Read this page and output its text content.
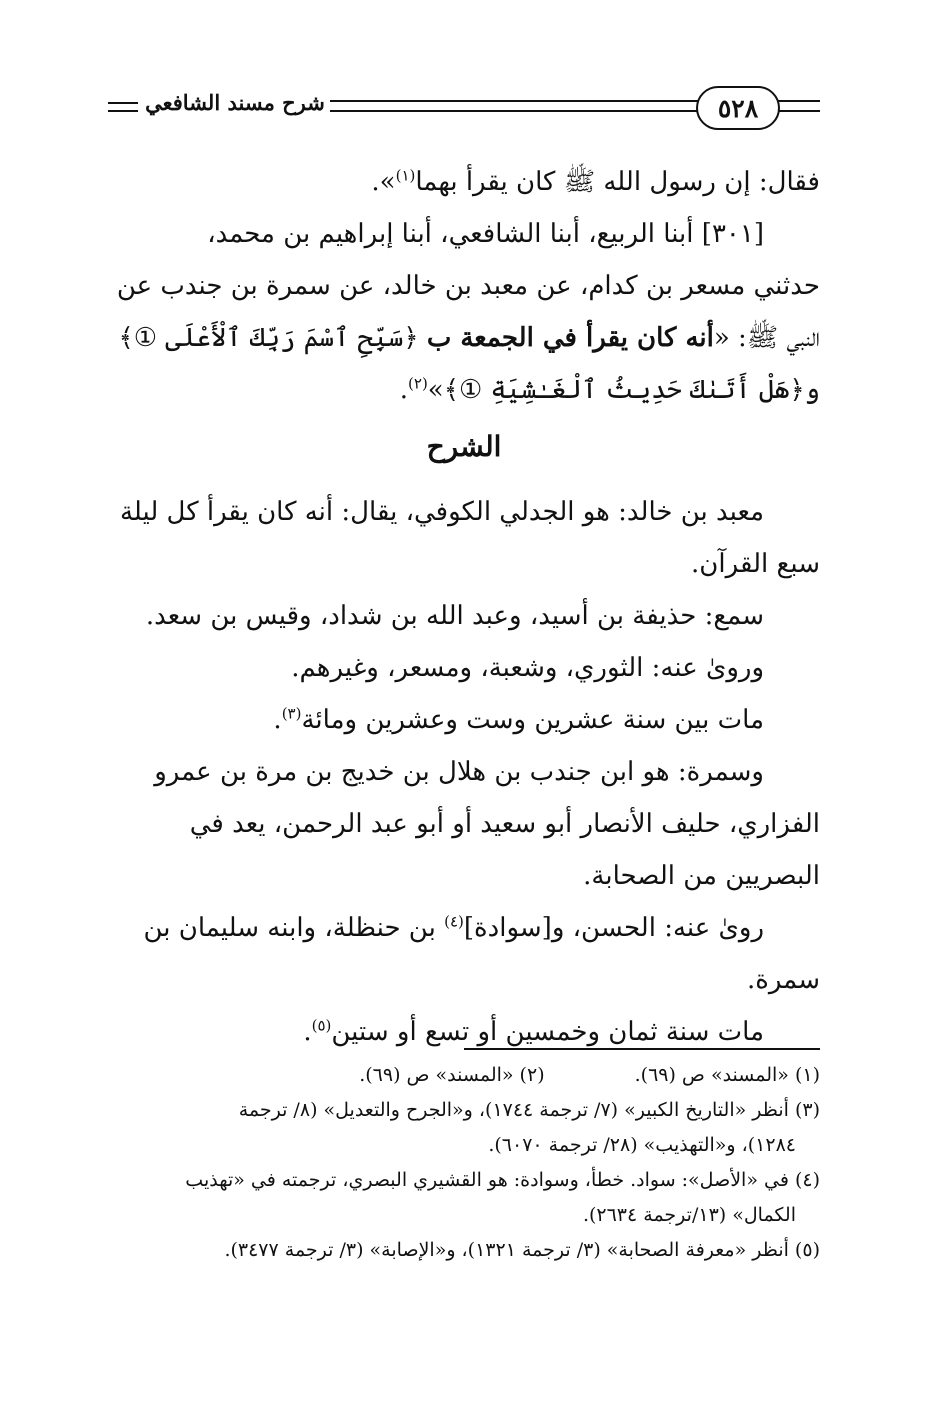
شرح مسند الشافعي	٥٢٨
فقال: إن رسول الله ﷺ كان يقرأ بهما$^{(١)}$».
[٣٠١] أبنا الربيع، أبنا الشافعي، أبنا إبراهيم بن محمد،
حدثني مسعر بن كدام، عن معبد بن خالد، عن سمرة بن جندب عن
النبي ﷺ: «أنه كان يقرأ في الجمعة ب ﴿سَبِّحِ ٱسْمَ رَبِّكَ ٱلْأَعْلَى ①﴾
و﴿هَلْ أَتَىٰكَ حَدِيثُ ٱلْغَـٰشِيَةِ ①﴾»$^{(٢)}$.
الشرح
معبد بن خالد: هو الجدلي الكوفي، يقال: أنه كان يقرأ كل ليلة
سبع القرآن.
سمع: حذيفة بن أسيد، وعبد الله بن شداد، وقيس بن سعد.
وروىٰ عنه: الثوري، وشعبة، ومسعر، وغيرهم.
مات بين سنة عشرين وست وعشرين ومائة$^{(٣)}$.
وسمرة: هو ابن جندب بن هلال بن خديج بن مرة بن عمرو
الفزاري، حليف الأنصار أبو سعيد أو أبو عبد الرحمن، يعد في
البصريين من الصحابة.
روىٰ عنه: الحسن، و[سوادة]$^{(٤)}$ بن حنظلة، وابنه سليمان بن
سمرة.
مات سنة ثمان وخمسين أو تسع أو ستين$^{(٥)}$.
(١) «المسند» ص (٦٩).
(٢) «المسند» ص (٦٩).
(٣) أنظر «التاريخ الكبير» (٧/ ترجمة ١٧٤٤)، و«الجرح والتعديل» (٨/ ترجمة
١٢٨٤)، و«التهذيب» (٢٨/ ترجمة ٦٠٧٠).
(٤) في «الأصل»: سواد. خطأ، وسوادة: هو القشيري البصري، ترجمته في «تهذيب
الكمال» (١٣/ترجمة ٢٦٣٤).
(٥) أنظر «معرفة الصحابة» (٣/ ترجمة ١٣٢١)، و«الإصابة» (٣/ ترجمة ٣٤٧٧).
